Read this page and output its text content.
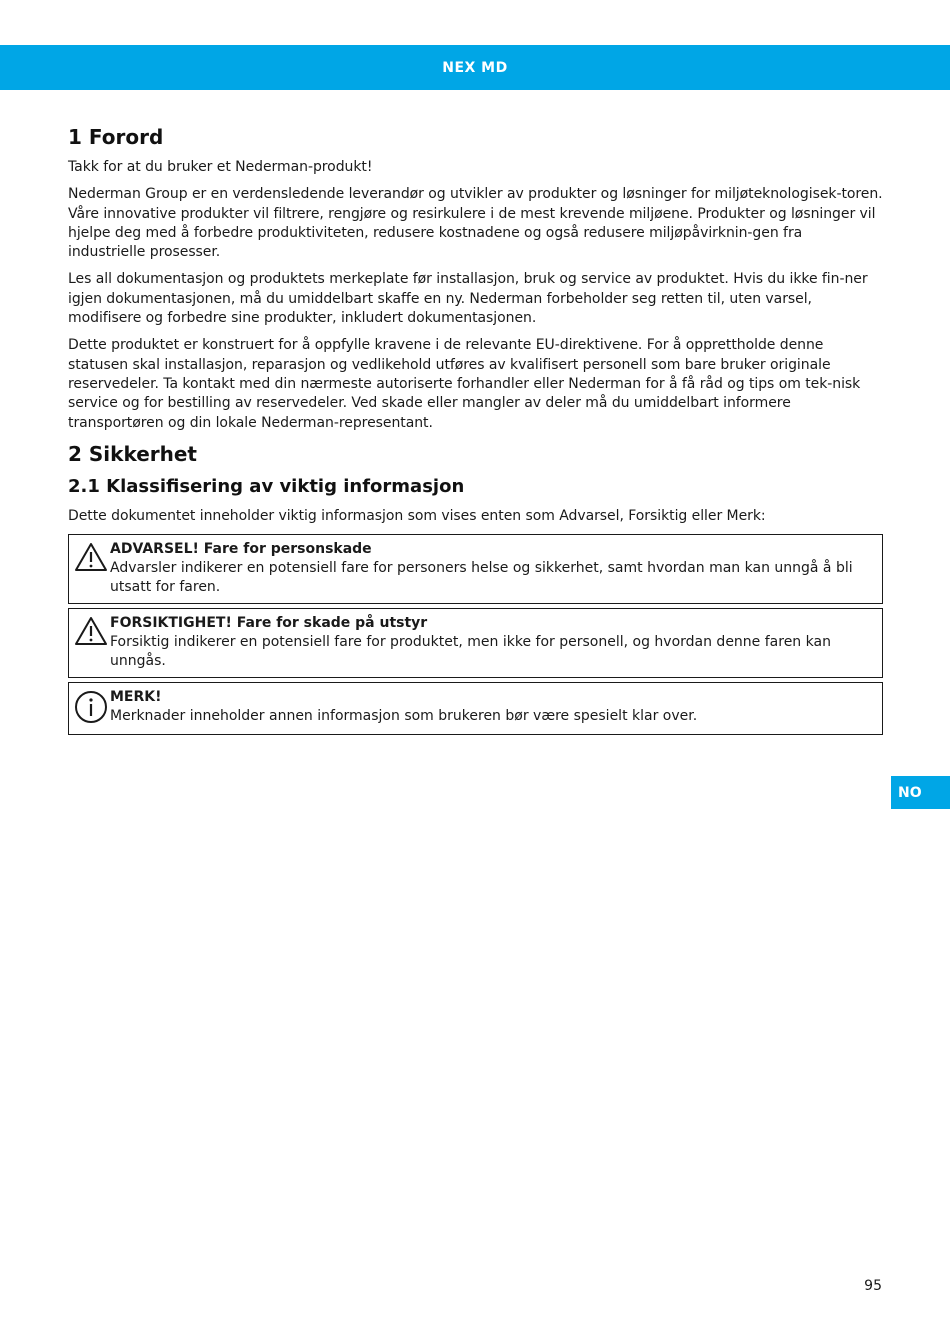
NEX MD
1 Forord

Takk for at du bruker et Nederman-produkt!

Nederman Group er en verdensledende leverandør og utvikler av produkter og løsninger for miljøteknologisek-toren. Våre innovative produkter vil filtrere, rengjøre og resirkulere i de mest krevende miljøene. Produkter og løsninger vil hjelpe deg med å forbedre produktiviteten, redusere kostnadene og også redusere miljøpåvirknin-gen fra industrielle prosesser.

Les all dokumentasjon og produktets merkeplate før installasjon, bruk og service av produktet. Hvis du ikke fin-ner igjen dokumentasjonen, må du umiddelbart skaffe en ny. Nederman forbeholder seg retten til, uten varsel, modifisere og forbedre sine produkter, inkludert dokumentasjonen.

Dette produktet er konstruert for å oppfylle kravene i de relevante EU-direktivene. For å opprettholde denne statusen skal installasjon, reparasjon og vedlikehold utføres av kvalifisert personell som bare bruker originale reservedeler. Ta kontakt med din nærmeste autoriserte forhandler eller Nederman for å få råd og tips om tek-nisk service og for bestilling av reservedeler. Ved skade eller mangler av deler må du umiddelbart informere transportøren og din lokale Nederman-representant.

2 Sikkerhet
2.1 Klassifisering av viktig informasjon

Dette dokumentet inneholder viktig informasjon som vises enten som Advarsel, Forsiktig eller Merk:

ADVARSEL! Fare for personskade
Advarsler indikerer en potensiell fare for personers helse og sikkerhet, samt hvordan man kan unngå å bli utsatt for faren.
FORSIKTIGHET! Fare for skade på utstyr
Forsiktig indikerer en potensiell fare for produktet, men ikke for personell, og hvordan denne faren kan unngås.
MERK!
Merknader inneholder annen informasjon som brukeren bør være spesielt klar over.
NO
95
